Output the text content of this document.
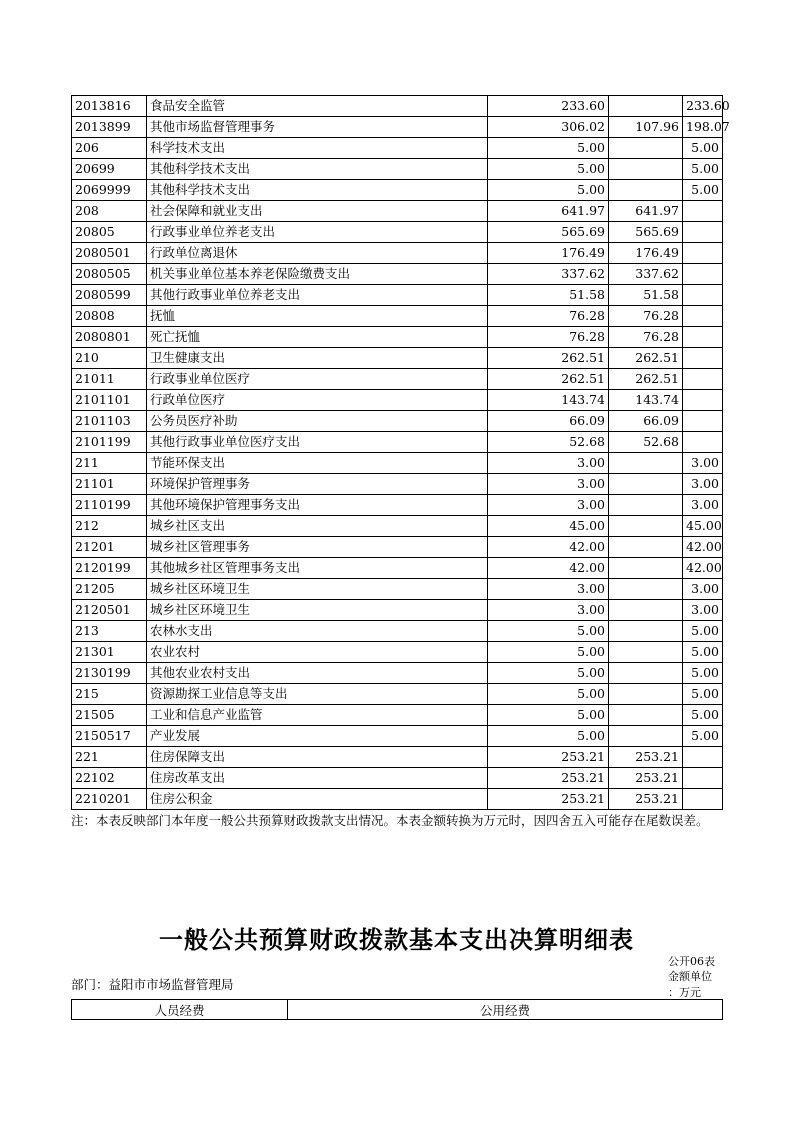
2013816	食品安全监管	233.60		233.60
2013899	其他市场监督管理事务	306.02	107.96	198.07
206	科学技术支出	5.00		5.00
20699	其他科学技术支出	5.00		5.00
2069999	其他科学技术支出	5.00		5.00
208	社会保障和就业支出	641.97	641.97	
20805	行政事业单位养老支出	565.69	565.69	
2080501	行政单位离退休	176.49	176.49	
2080505	机关事业单位基本养老保险缴费支出	337.62	337.62	
2080599	其他行政事业单位养老支出	51.58	51.58	
20808	抚恤	76.28	76.28	
2080801	死亡抚恤	76.28	76.28	
210	卫生健康支出	262.51	262.51	
21011	行政事业单位医疗	262.51	262.51	
2101101	行政单位医疗	143.74	143.74	
2101103	公务员医疗补助	66.09	66.09	
2101199	其他行政事业单位医疗支出	52.68	52.68	
211	节能环保支出	3.00		3.00
21101	环境保护管理事务	3.00		3.00
2110199	其他环境保护管理事务支出	3.00		3.00
212	城乡社区支出	45.00		45.00
21201	城乡社区管理事务	42.00		42.00
2120199	其他城乡社区管理事务支出	42.00		42.00
21205	城乡社区环境卫生	3.00		3.00
2120501	城乡社区环境卫生	3.00		3.00
213	农林水支出	5.00		5.00
21301	农业农村	5.00		5.00
2130199	其他农业农村支出	5.00		5.00
215	资源勘探工业信息等支出	5.00		5.00
21505	工业和信息产业监管	5.00		5.00
2150517	产业发展	5.00		5.00
221	住房保障支出	253.21	253.21	
22102	住房改革支出	253.21	253.21	
2210201	住房公积金	253.21	253.21	
注：本表反映部门本年度一般公共预算财政拨款支出情况。本表金额转换为万元时，因四舍五入可能存在尾数误差。
一般公共预算财政拨款基本支出决算明细表
公开06表
金额单位
：万元
部门：益阳市市场监督管理局
人员经费	公用经费
